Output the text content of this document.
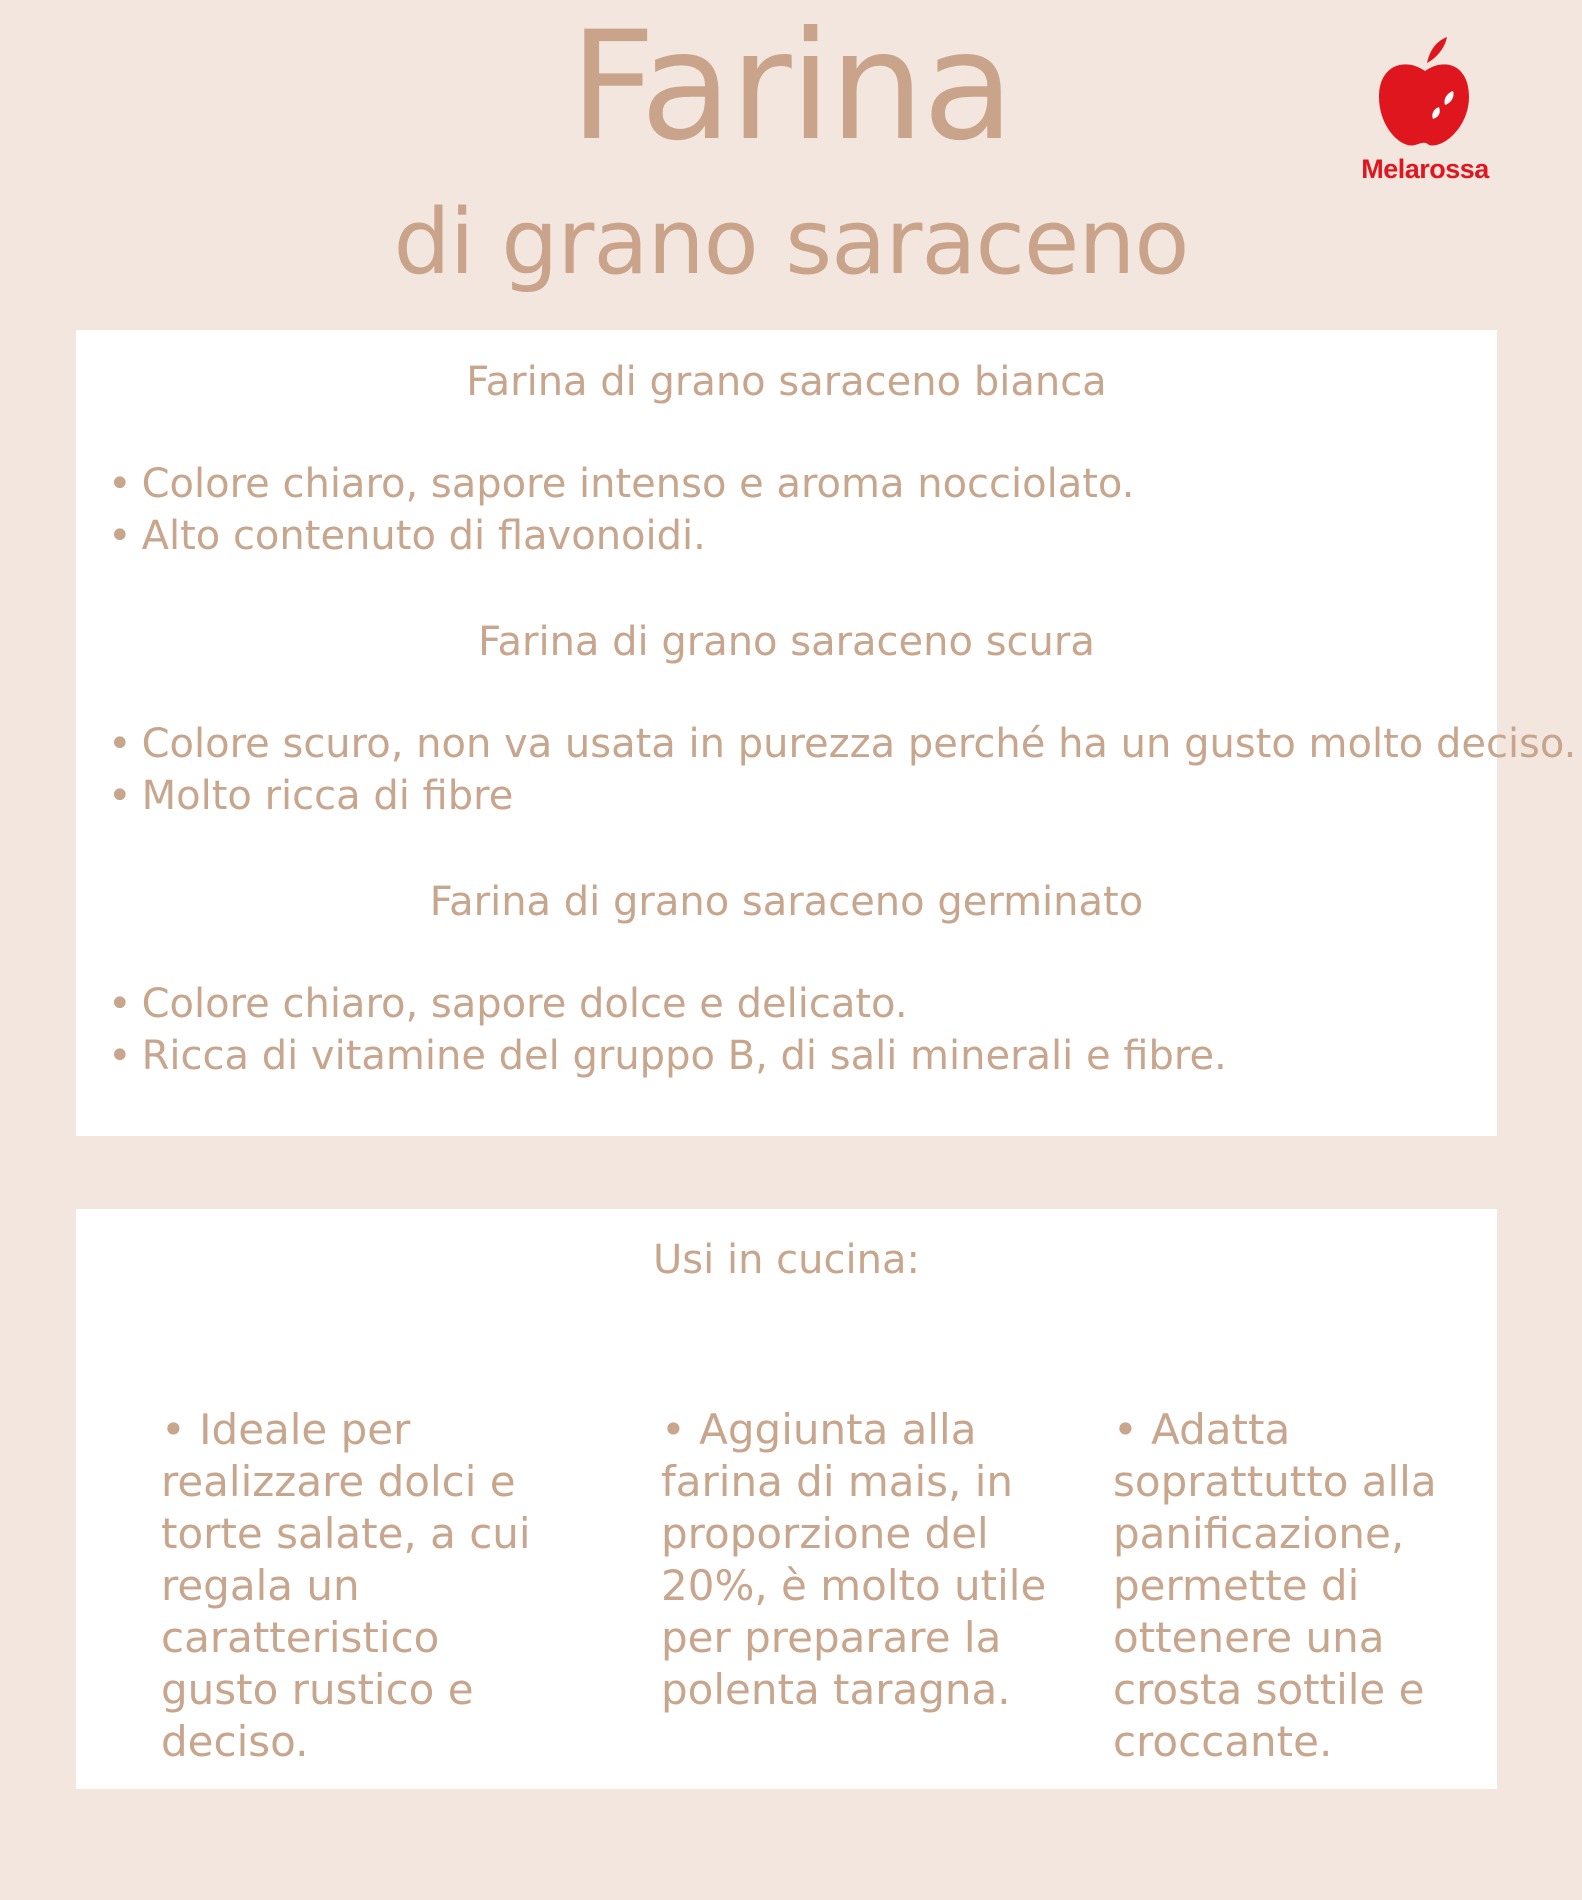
Farina
di grano saraceno
Melarossa

Farina di grano saraceno bianca

• Colore chiaro, sapore intenso e aroma nocciolato.
• Alto contenuto di flavonoidi.

Farina di grano saraceno scura

• Colore scuro, non va usata in purezza perché ha un gusto molto deciso.
• Molto ricca di fibre

Farina di grano saraceno germinato

• Colore chiaro, sapore dolce e delicato.
• Ricca di vitamine del gruppo B, di sali minerali e fibre.

Usi in cucina:

• Ideale per realizzare dolci e torte salate, a cui regala un caratteristico gusto rustico e deciso.
• Aggiunta alla farina di mais, in proporzione del 20%, è molto utile per preparare la polenta taragna.
• Adatta soprattutto alla panificazione, permette di ottenere una crosta sottile e croccante.
